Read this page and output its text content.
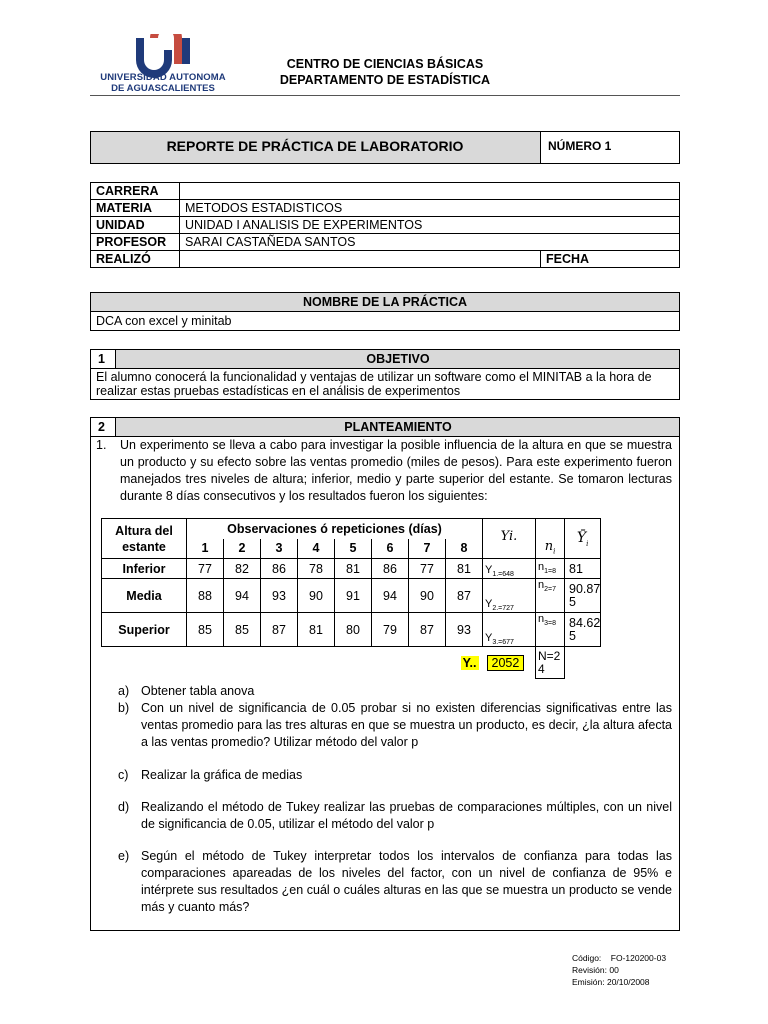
UNIVERSIDAD AUTONOMA
DE AGUASCALIENTES
CENTRO DE CIENCIAS BÁSICAS
DEPARTAMENTO DE ESTADÍSTICA
REPORTE DE PRÁCTICA DE LABORATORIO	NÚMERO 1
CARRERA		
MATERIA	METODOS ESTADISTICOS	
UNIDAD	UNIDAD I ANALISIS DE EXPERIMENTOS	
PROFESOR	SARAI CASTAÑEDA SANTOS	
REALIZÓ		FECHA
NOMBRE DE LA PRÁCTICA
DCA con excel y minitab
1	OBJETIVO
El alumno conocerá la funcionalidad y ventajas de utilizar un software como el MINITAB a la hora de realizar estas pruebas estadísticas en el análisis de experimentos
2	PLANTEAMIENTO
1. Un experimento se lleva a cabo para investigar la posible influencia de la altura en que se muestra un producto y su efecto sobre las ventas promedio (miles de pesos). Para este experimento fueron manejados tres niveles de altura; inferior, medio y parte superior del estante. Se tomaron lecturas durante 8 días consecutivos y los resultados fueron los siguientes:
Altura del
estante	Observaciones ó repeticiones (días)								Yi.	$n_i$	$Ȳ_i$
	1	2	3	4	5	6	7	8			
Inferior	77	82	86	78	81	86	77	81	$Y_{1.=648}$	$n_{1=8}$	81
Media	88	94	93	90	91	94	90	87	$Y_{2.=727}$	$n_{2=7}$	90.87
5
Superior	85	85	87	81	80	79	87	93	$Y_{3.=677}$	$n_{3=8}$	84.62
5
								Y..	2052	N=2
4	
a) Obtener tabla anova
b) Con un nivel de significancia de 0.05 probar si no existen diferencias significativas entre las ventas promedio para las tres alturas en que se muestra un producto, es decir, ¿la altura afecta a las ventas promedio? Utilizar método del valor p
c) Realizar la gráfica de medias
d) Realizando el método de Tukey realizar las pruebas de comparaciones múltiples, con un nivel de significancia de 0.05, utilizar el método del valor p
e) Según el método de Tukey interpretar todos los intervalos de confianza para todas las comparaciones apareadas de los niveles del factor, con un nivel de confianza de 95% e intérprete sus resultados ¿en cuál o cuáles alturas en las que se muestra un producto se vende más y cuanto más?
Código: FO-120200-03
Revisión: 00
Emisión: 20/10/2008
